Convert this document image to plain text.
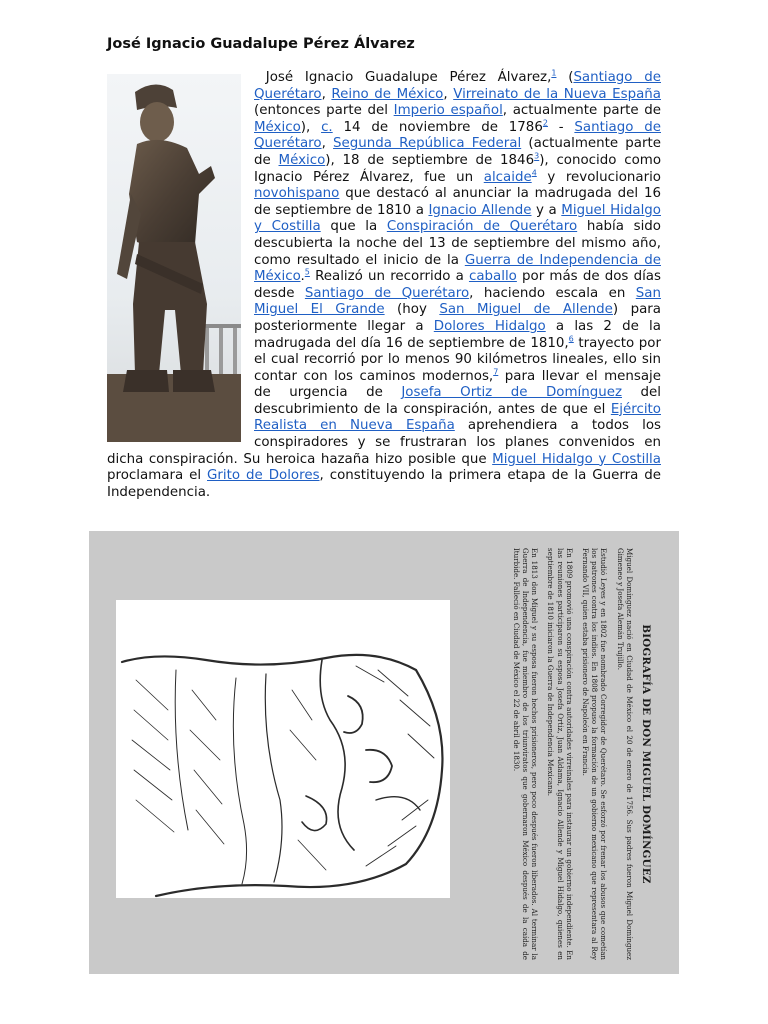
José Ignacio Guadalupe Pérez Álvarez
José Ignacio Guadalupe Pérez Álvarez,$^1$ (Santiago de Querétaro, Reino de México, Virreinato de la Nueva España (entonces parte del Imperio español, actualmente parte de México), c. 14 de noviembre de 1786$^2$ - Santiago de Querétaro, Segunda República Federal (actualmente parte de México), 18 de septiembre de 1846$^3$), conocido como Ignacio Pérez Álvarez, fue un alcaide$^4$ y revolucionario novohispano que destacó al anunciar la madrugada del 16 de septiembre de 1810 a Ignacio Allende y a Miguel Hidalgo y Costilla que la Conspiración de Querétaro había sido descubierta la noche del 13 de septiembre del mismo año, como resultado el inicio de la Guerra de Independencia de México.$^5$ Realizó un recorrido a caballo por más de dos días desde Santiago de Querétaro, haciendo escala en San Miguel El Grande (hoy San Miguel de Allende) para posteriormente llegar a Dolores Hidalgo a las 2 de la madrugada del día 16 de septiembre de 1810,$^6$ trayecto por el cual recorrió por lo menos 90 kilómetros lineales, ello sin contar con los caminos modernos,$^7$ para llevar el mensaje de urgencia de Josefa Ortiz de Domínguez del descubrimiento de la conspiración, antes de que el Ejército Realista en Nueva España aprehendiera a todos los conspiradores y se frustraran los planes convenidos en dicha conspiración. Su heroica hazaña hizo posible que Miguel Hidalgo y Costilla proclamara el Grito de Dolores, constituyendo la primera etapa de la Guerra de Independencia.
BIOGRAFÍA DE DON MIGUEL DOMÍNGUEZ

Miguel Domínguez nació en Ciudad de México el 20 de enero de 1756. Sus padres fueron Miguel Domínguez Gimeneo y Josefa Alemán Trujillo.

Estudió Leyes y en 1802 fue nombrado Corregidor de Querétaro. Se esforzó por frenar los abusos que cometían los patrones contra los indios. En 1808 propuso la formación de un gobierno mexicano que representara al Rey Fernando VII, quien estaba prisionero de Napoleón en Francia.

En 1809 promovió una conspiración contra autoridades virreinales para instaurar un gobierno independiente. En las reuniones participaron su esposa Josefa Ortiz, Juan Aldama, Ignacio Allende y Miguel Hidalgo, quienes en septiembre de 1810 iniciaron la Guerra de Independencia Mexicana.

En 1813 don Miguel y su esposa fueron hechos prisioneros, pero poco después fueron liberados. Al terminar la Guerra de Independencia, fue miembro de los triunviratos que gobernaron México después de la caída de Iturbide. Falleció en Ciudad de México el 22 de abril de 1830.
